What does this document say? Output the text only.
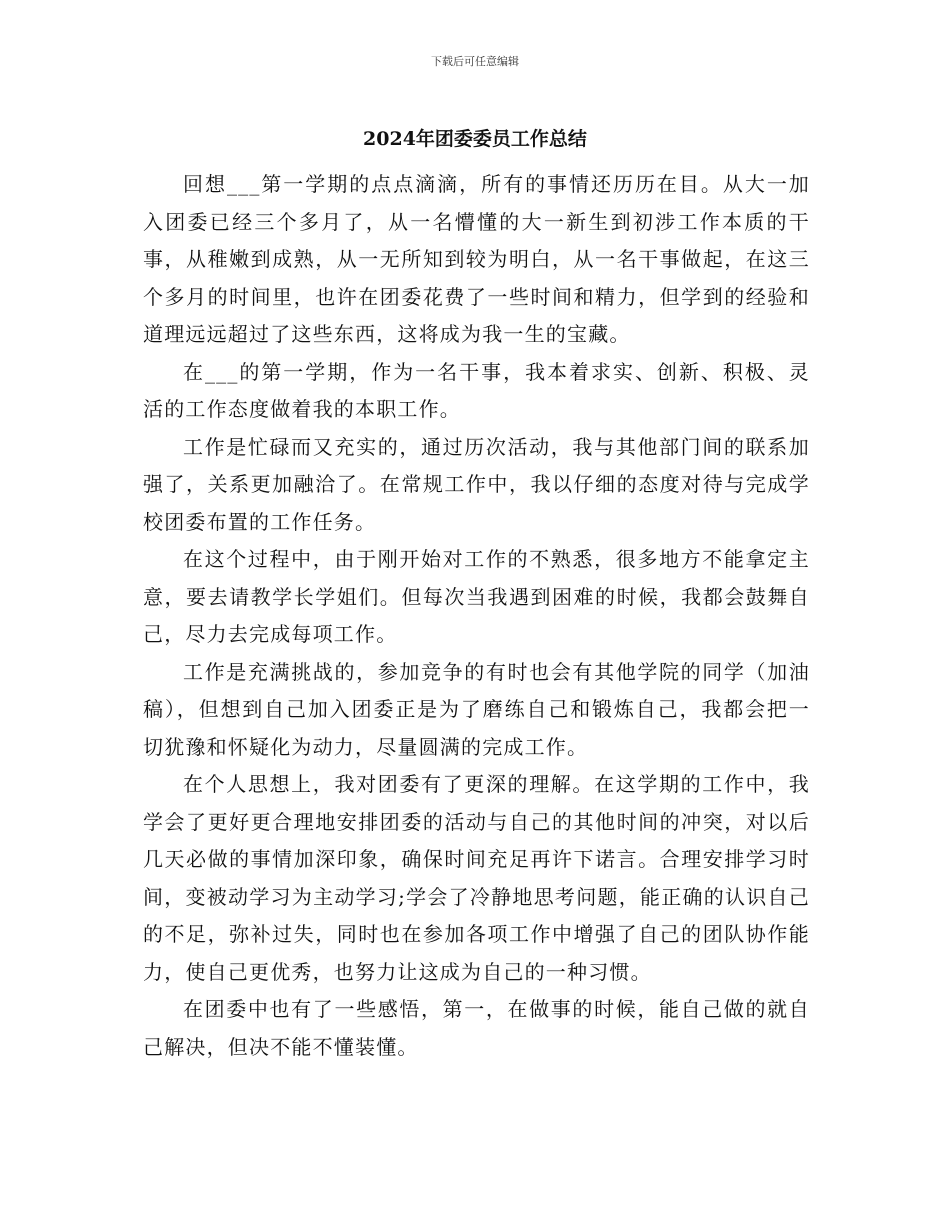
下载后可任意编辑
2024年团委委员工作总结

回想___第一学期的点点滴滴，所有的事情还历历在目。从大一加入团委已经三个多月了，从一名懵懂的大一新生到初涉工作本质的干事，从稚嫩到成熟，从一无所知到较为明白，从一名干事做起，在这三个多月的时间里，也许在团委花费了一些时间和精力，但学到的经验和道理远远超过了这些东西，这将成为我一生的宝藏。

在___的第一学期，作为一名干事，我本着求实、创新、积极、灵活的工作态度做着我的本职工作。

工作是忙碌而又充实的，通过历次活动，我与其他部门间的联系加强了，关系更加融洽了。在常规工作中，我以仔细的态度对待与完成学校团委布置的工作任务。

在这个过程中，由于刚开始对工作的不熟悉，很多地方不能拿定主意，要去请教学长学姐们。但每次当我遇到困难的时候，我都会鼓舞自己，尽力去完成每项工作。

工作是充满挑战的，参加竞争的有时也会有其他学院的同学（加油稿），但想到自己加入团委正是为了磨练自己和锻炼自己，我都会把一切犹豫和怀疑化为动力，尽量圆满的完成工作。

在个人思想上，我对团委有了更深的理解。在这学期的工作中，我学会了更好更合理地安排团委的活动与自己的其他时间的冲突，对以后几天必做的事情加深印象，确保时间充足再许下诺言。合理安排学习时间，变被动学习为主动学习;学会了冷静地思考问题，能正确的认识自己的不足，弥补过失，同时也在参加各项工作中增强了自己的团队协作能力，使自己更优秀，也努力让这成为自己的一种习惯。

在团委中也有了一些感悟，第一，在做事的时候，能自己做的就自己解决，但决不能不懂装懂。
